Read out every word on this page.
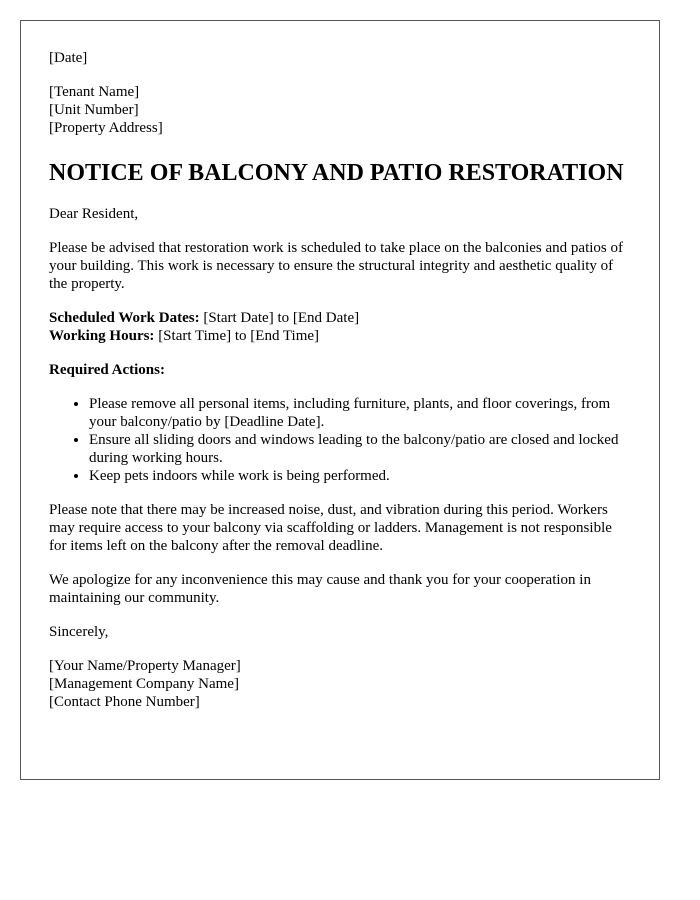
[Date]
[Tenant Name]
[Unit Number]
[Property Address]
NOTICE OF BALCONY AND PATIO RESTORATION
Dear Resident,
Please be advised that restoration work is scheduled to take place on the balconies and patios of your building. This work is necessary to ensure the structural integrity and aesthetic quality of the property.
Scheduled Work Dates: [Start Date] to [End Date]
Working Hours: [Start Time] to [End Time]
Required Actions:
• Please remove all personal items, including furniture, plants, and floor coverings, from your balcony/patio by [Deadline Date].
• Ensure all sliding doors and windows leading to the balcony/patio are closed and locked during working hours.
• Keep pets indoors while work is being performed.
Please note that there may be increased noise, dust, and vibration during this period. Workers may require access to your balcony via scaffolding or ladders. Management is not responsible for items left on the balcony after the removal deadline.
We apologize for any inconvenience this may cause and thank you for your cooperation in maintaining our community.
Sincerely,
[Your Name/Property Manager]
[Management Company Name]
[Contact Phone Number]
